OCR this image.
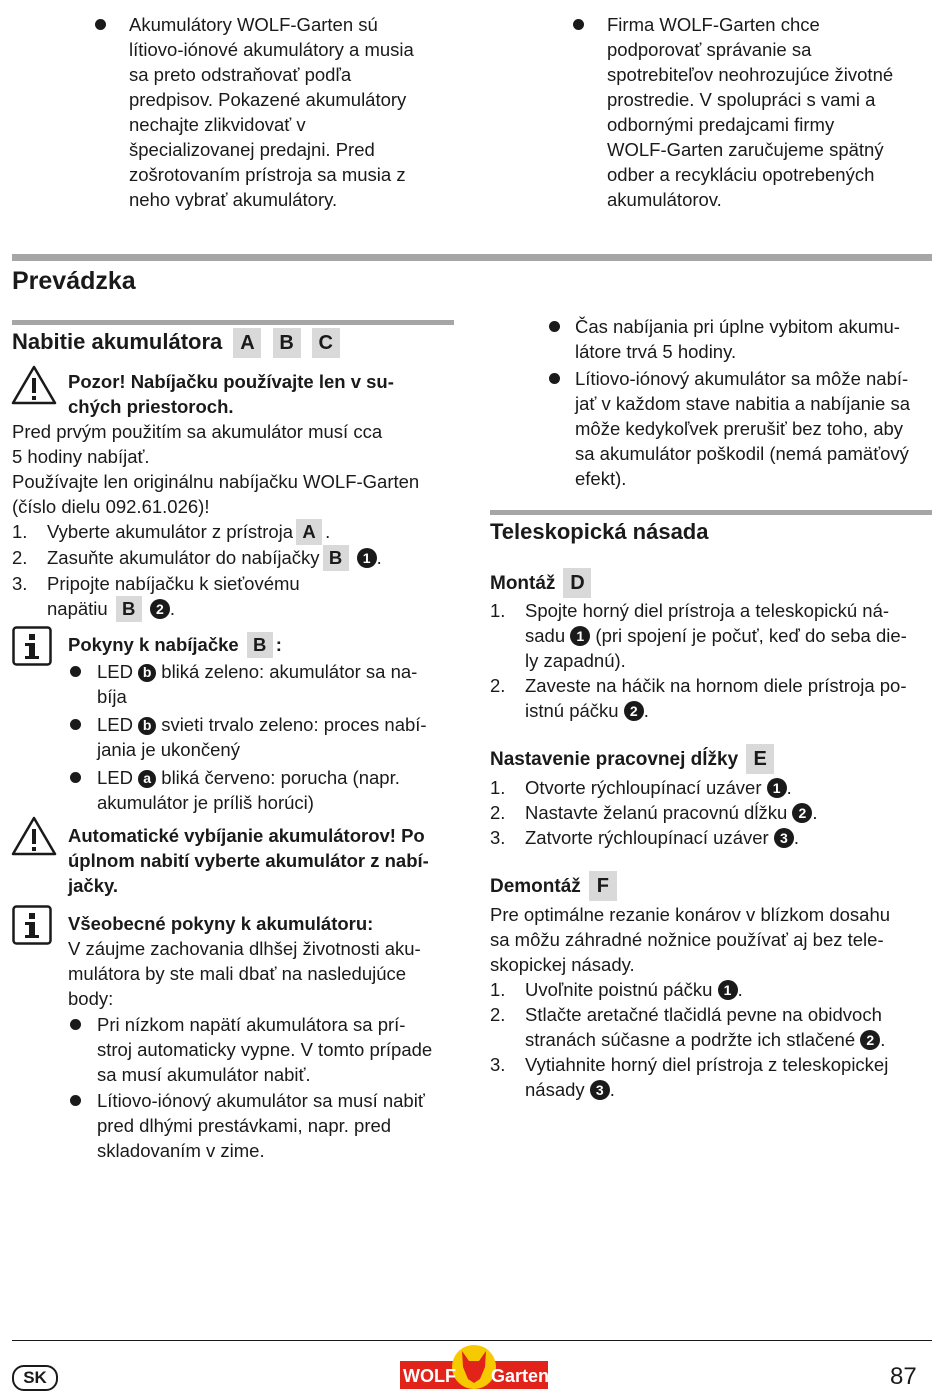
Akumulátory WOLF-Garten sú

lítiovo-iónové akumulátory a musia

sa preto odstraňovať podľa

predpisov. Pokazené akumulátory

nechajte zlikvidovať v

špecializovanej predajni. Pred

zošrotovaním prístroja sa musia z

neho vybrať akumulátory.

Firma WOLF-Garten chce

podporovať správanie sa

spotrebiteľov neohrozujúce životné

prostredie. V spolupráci s vami a

odbornými predajcami firmy

WOLF-Garten zaručujeme spätný

odber a recykláciu opotrebených

akumulátorov.

Prevádzka
Nabitie akumulátora A B C

Pozor! Nabíjačku používajte len v su-

chých priestoroch.

Pred prvým použitím sa akumulátor musí cca

5 hodiny nabíjať.

Používajte len originálnu nabíjačku WOLF-Garten

(číslo dielu 092.61.026)!

1. Vyberte akumulátor z prístroja A .
2. Zasuňte akumulátor do nabíjačky B 1 .
3. Pripojte nabíjačku k sieťovému

napätiu B 2 .

Pokyny k nabíjačke B :

LED b bliká zeleno: akumulátor sa na-

bíja

LED b svieti trvalo zeleno: proces nabí-

jania je ukončený

LED a bliká červeno: porucha (napr.

akumulátor je príliš horúci)

Automatické vybíjanie akumulátorov! Po

úplnom nabití vyberte akumulátor z nabí-

jačky.

Všeobecné pokyny k akumulátoru:

V záujme zachovania dlhšej životnosti aku-

mulátora by ste mali dbať na nasledujúce

body:

Pri nízkom napätí akumulátora sa prí-

stroj automaticky vypne. V tomto prípade

sa musí akumulátor nabiť.

Lítiovo-iónový akumulátor sa musí nabiť

pred dlhými prestávkami, napr. pred

skladovaním v zime.

Čas nabíjania pri úplne vybitom akumu-

látore trvá 5 hodiny.

Lítiovo-iónový akumulátor sa môže nabí-

jať v každom stave nabitia a nabíjanie sa

môže kedykoľvek prerušiť bez toho, aby

sa akumulátor poškodil (nemá pamäťový

efekt).

Teleskopická násada
Montáž D
1. Spojte horný diel prístroja a teleskopickú ná-

sadu 1 (pri spojení je počuť, keď do seba die-

ly zapadnú).

2. Zaveste na háčik na hornom diele prístroja po-

istnú páčku 2 .

Nastavenie pracovnej dĺžky E
1. Otvorte rýchloupínací uzáver 1 .

2. Nastavte želanú pracovnú dĺžku 2 .

3. Zatvorte rýchloupínací uzáver 3 .

Demontáž F

Pre optimálne rezanie konárov v blízkom dosahu

sa môžu záhradné nožnice používať aj bez tele-

skopickej násady.

1. Uvoľnite poistnú páčku 1 .

2. Stlačte aretačné tlačidlá pevne na obidvoch

stranách súčasne a podržte ich stlačené 2 .

3. Vytiahnite horný diel prístroja z teleskopickej

násady 3 .

SK	WOLF Garten	87
